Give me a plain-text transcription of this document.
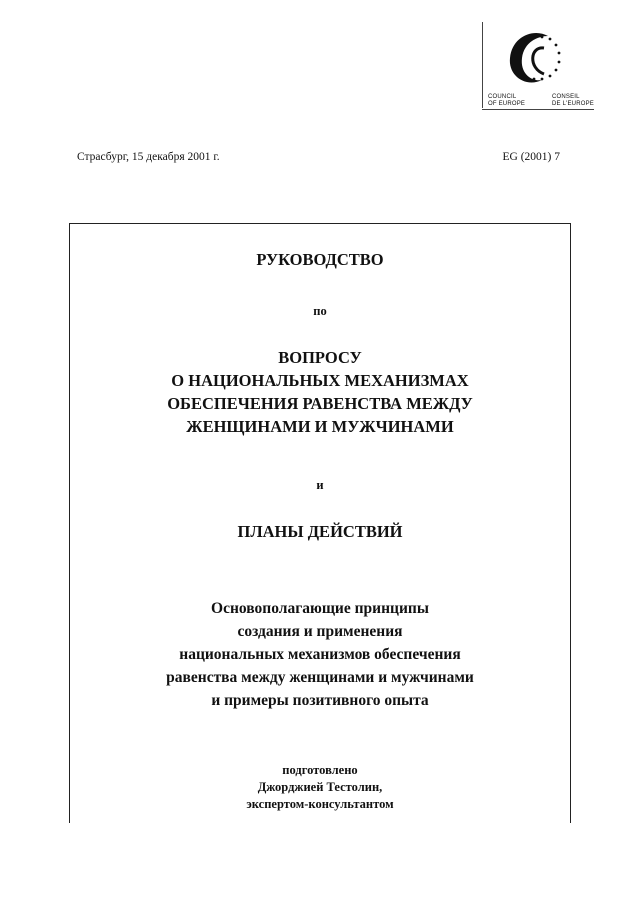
COUNCIL
OF EUROPE
CONSEIL
DE L'EUROPE
Страсбург, 15 декабря 2001 г.	EG (2001) 7
РУКОВОДСТВО
по
ВОПРОСУ
О НАЦИОНАЛЬНЫХ МЕХАНИЗМАХ
ОБЕСПЕЧЕНИЯ РАВЕНСТВА МЕЖДУ
ЖЕНЩИНАМИ И МУЖЧИНАМИ
и
ПЛАНЫ ДЕЙСТВИЙ
Основополагающие принципы
создания и применения
национальных механизмов обеспечения
равенства между женщинами и мужчинами
и примеры позитивного опыта
подготовлено
Джорджией Тестолин,
экспертом-консультантом
